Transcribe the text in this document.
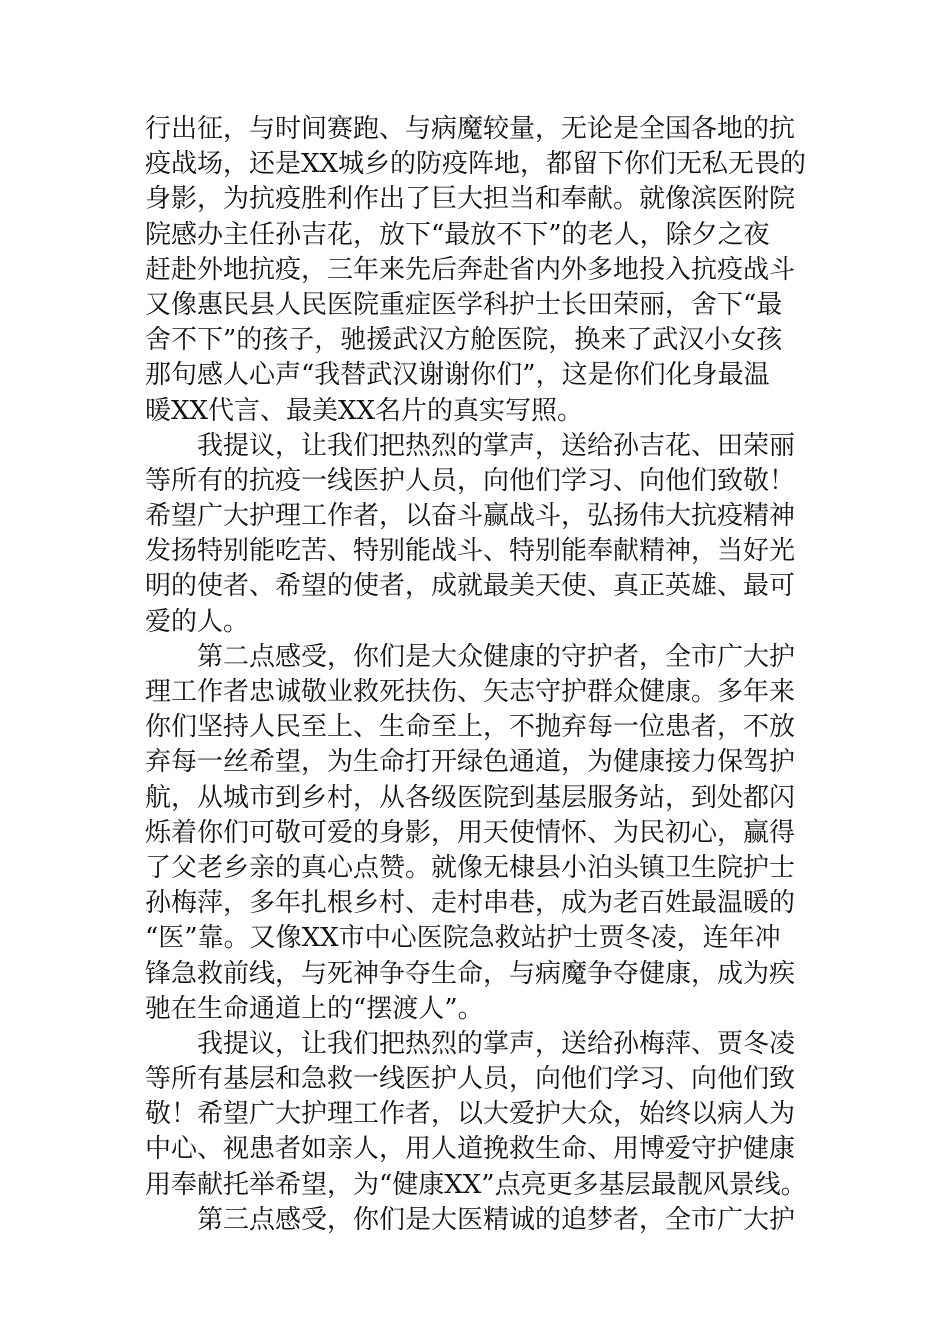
行出征，与时间赛跑、与病魔较量，无论是全国各地的抗
疫战场，还是XX城乡的防疫阵地，都留下你们无私无畏的
身影，为抗疫胜利作出了巨大担当和奉献。就像滨医附院
院感办主任孙吉花，放下“最放不下”的老人，除夕之夜
赶赴外地抗疫，三年来先后奔赴省内外多地投入抗疫战斗
又像惠民县人民医院重症医学科护士长田荣丽，舍下“最
舍不下”的孩子，驰援武汉方舱医院，换来了武汉小女孩
那句感人心声“我替武汉谢谢你们”，这是你们化身最温
暖XX代言、最美XX名片的真实写照。
我提议，让我们把热烈的掌声，送给孙吉花、田荣丽
等所有的抗疫一线医护人员，向他们学习、向他们致敬！
希望广大护理工作者，以奋斗赢战斗，弘扬伟大抗疫精神
发扬特别能吃苦、特别能战斗、特别能奉献精神，当好光
明的使者、希望的使者，成就最美天使、真正英雄、最可
爱的人。
第二点感受，你们是大众健康的守护者，全市广大护
理工作者忠诚敬业救死扶伤、矢志守护群众健康。多年来
你们坚持人民至上、生命至上，不抛弃每一位患者，不放
弃每一丝希望，为生命打开绿色通道，为健康接力保驾护
航，从城市到乡村，从各级医院到基层服务站，到处都闪
烁着你们可敬可爱的身影，用天使情怀、为民初心，赢得
了父老乡亲的真心点赞。就像无棣县小泊头镇卫生院护士
孙梅萍，多年扎根乡村、走村串巷，成为老百姓最温暖的
“医”靠。又像XX市中心医院急救站护士贾冬凌，连年冲
锋急救前线，与死神争夺生命，与病魔争夺健康，成为疾
驰在生命通道上的“摆渡人”。
我提议，让我们把热烈的掌声，送给孙梅萍、贾冬凌
等所有基层和急救一线医护人员，向他们学习、向他们致
敬！希望广大护理工作者，以大爱护大众，始终以病人为
中心、视患者如亲人，用人道挽救生命、用博爱守护健康
用奉献托举希望，为“健康XX”点亮更多基层最靓风景线。
第三点感受，你们是大医精诚的追梦者，全市广大护
